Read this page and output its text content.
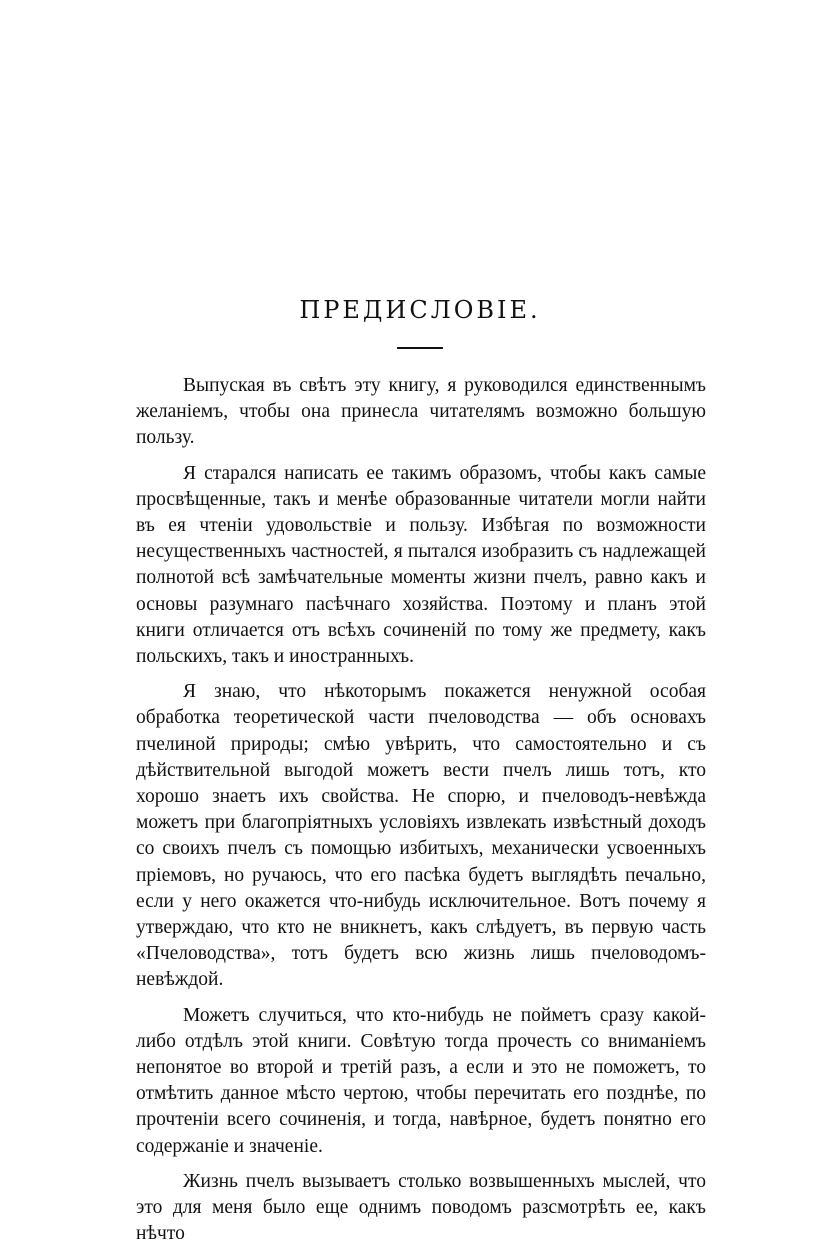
ПРЕДИСЛОВIЕ.

Выпуская въ свѣтъ эту книгу, я руководился единственнымъ желанiемъ, чтобы она принесла читателямъ возможно большую пользу.

Я старался написать ее такимъ образомъ, чтобы какъ самые просвѣщенные, такъ и менѣе образованные читатели могли найти въ ея чтенiи удовольствiе и пользу. Избѣгая по возможности несущественныхъ частностей, я пытался изобразить съ надлежащей полнотой всѣ замѣчательные моменты жизни пчелъ, равно какъ и основы разумнаго пасѣчнаго хозяйства. Поэтому и планъ этой книги отличается отъ всѣхъ сочиненiй по тому же предмету, какъ польскихъ, такъ и иностранныхъ.

Я знаю, что нѣкоторымъ покажется ненужной особая обработка теоретической части пчеловодства — объ основахъ пчелиной природы; смѣю увѣрить, что самостоятельно и съ дѣйствительной выгодой можетъ вести пчелъ лишь тотъ, кто хорошо знаетъ ихъ свойства. Не спорю, и пчеловодъ-невѣжда можетъ при благопрiятныхъ условiяхъ извлекать извѣстный доходъ со своихъ пчелъ съ помощью избитыхъ, механически усвоенныхъ прiемовъ, но ручаюсь, что его пасѣка будетъ выглядѣть печально, если у него окажется что-нибудь исключительное. Вотъ почему я утверждаю, что кто не вникнетъ, какъ слѣдуетъ, въ первую часть «Пчеловодства», тотъ будетъ всю жизнь лишь пчеловодомъ-невѣждой.

Можетъ случиться, что кто-нибудь не пойметъ сразу какой-либо отдѣлъ этой книги. Совѣтую тогда прочесть со вниманiемъ непонятое во второй и третiй разъ, а если и это не поможетъ, то отмѣтить данное мѣсто чертою, чтобы перечитать его позднѣе, по прочтенiи всего сочиненiя, и тогда, навѣрное, будетъ понятно его содержанiе и значенiе.

Жизнь пчелъ вызываетъ столько возвышенныхъ мыслей, что это для меня было еще однимъ поводомъ разсмотрѣть ее, какъ нѣчто
